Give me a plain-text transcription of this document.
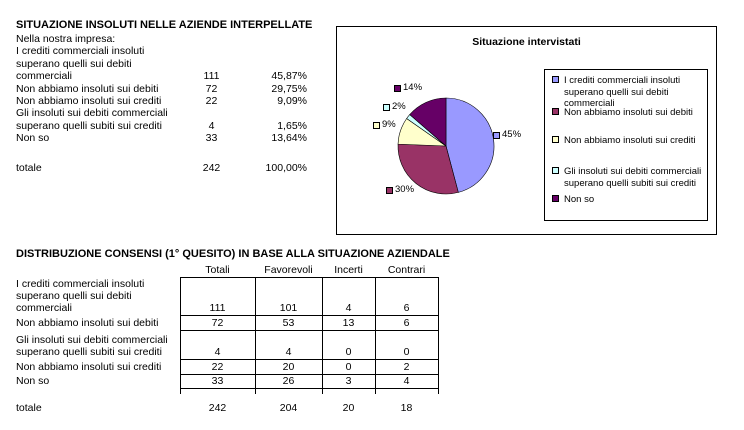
SITUAZIONE INSOLUTI NELLE AZIENDE INTERPELLATE
Nella nostra impresa:
I crediti commerciali insoluti
superano quelli sui debiti
commerciali	111	45,87%
Non abbiamo insoluti sui debiti	72	29,75%
Non abbiamo insoluti sui crediti	22	9,09%
Gli insoluti sui debiti commerciali
superano quelli subiti sui crediti	4	1,65%
Non so	33	13,64%
totale	242	100,00%
Situazione intervistati
14%
2%
9%
45%
30%
I crediti commerciali insoluti
superano quelli sui debiti
commerciali
Non abbiamo insoluti sui debiti
Non abbiamo insoluti sui crediti
Gli insoluti sui debiti commerciali
superano quelli subiti sui crediti
Non so
DISTRIBUZIONE CONSENSI (1° QUESITO) IN BASE ALLA SITUAZIONE AZIENDALE
	Totali	Favorevoli	Incerti	Contrari

I crediti commerciali insoluti
superano quelli sui debiti
commerciali	111	101	4	6

Non abbiamo insoluti sui debiti	72	53	13	6

Gli insoluti sui debiti commerciali
superano quelli subiti sui crediti	4	4	0	0

Non abbiamo insoluti sui crediti	22	20	0	2

Non so	33	26	3	4

totale	242	204	20	18
